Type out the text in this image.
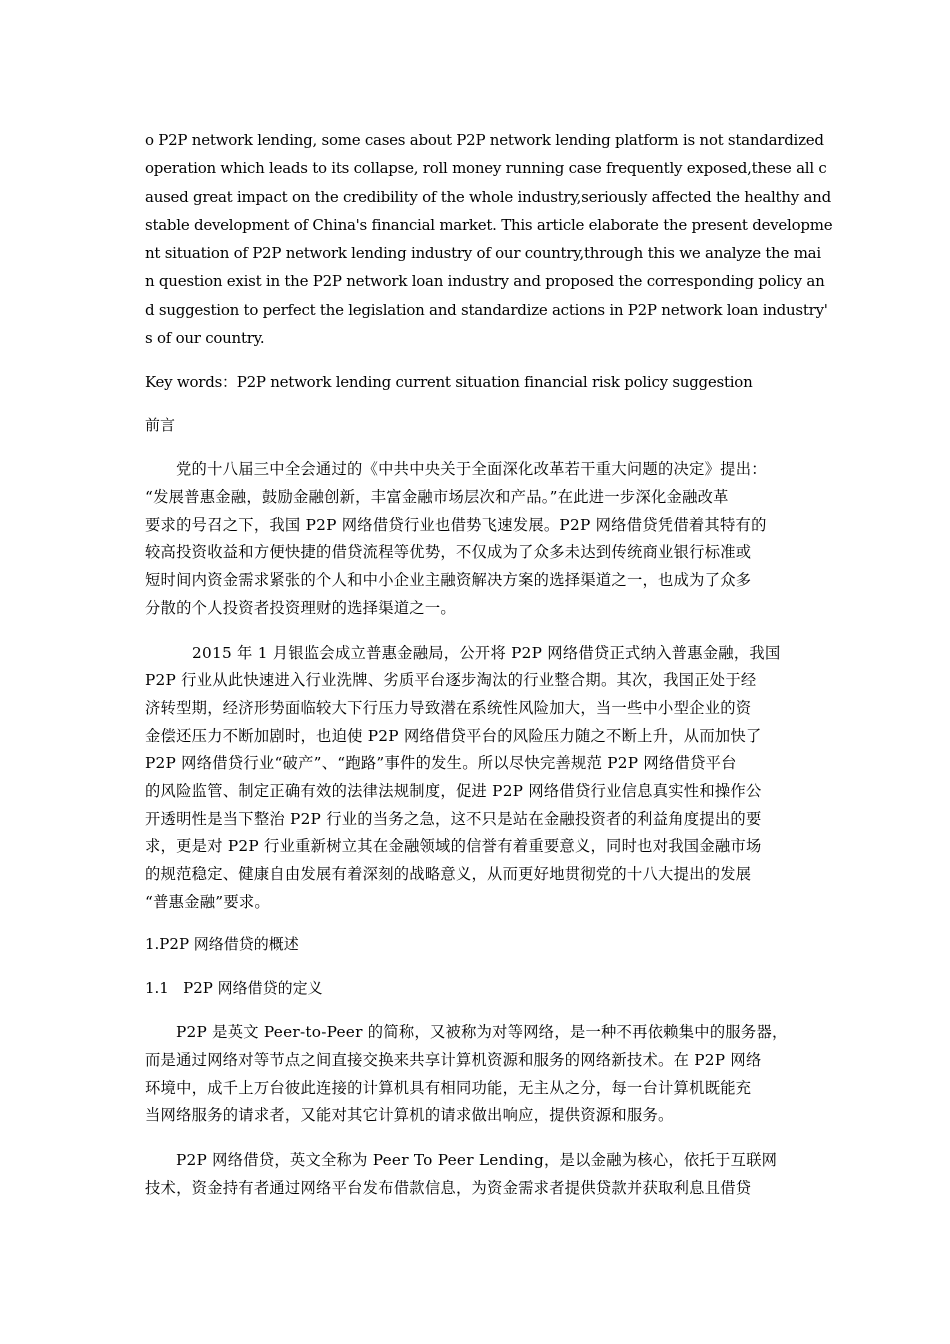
o P2P network lending, some cases about P2P network lending platform is not standardized
operation which leads to its collapse, roll money running case frequently exposed,these all c
aused great impact on the credibility of the whole industry,seriously affected the healthy and
stable development of China's financial market. This article elaborate the present developme
nt situation of P2P network lending industry of our country,through this we analyze the mai
n question exist in the P2P network loan industry and proposed the corresponding policy an
d suggestion to perfect the legislation and standardize actions in P2P network loan industry'
s of our country.
Key words：P2P network lending current situation financial risk policy suggestion
前言
党的十八届三中全会通过的《中共中央关于全面深化改革若干重大问题的决定》提出：
“发展普惠金融，鼓励金融创新，丰富金融市场层次和产品。”在此进一步深化金融改革
要求的号召之下，我国 P2P 网络借贷行业也借势飞速发展。P2P 网络借贷凭借着其特有的
较高投资收益和方便快捷的借贷流程等优势，不仅成为了众多未达到传统商业银行标准或
短时间内资金需求紧张的个人和中小企业主融资解决方案的选择渠道之一，也成为了众多
分散的个人投资者投资理财的选择渠道之一。
2015 年 1 月银监会成立普惠金融局，公开将 P2P 网络借贷正式纳入普惠金融，我国
P2P 行业从此快速进入行业洗牌、劣质平台逐步淘汰的行业整合期。其次，我国正处于经
济转型期，经济形势面临较大下行压力导致潜在系统性风险加大，当一些中小型企业的资
金偿还压力不断加剧时，也迫使 P2P 网络借贷平台的风险压力随之不断上升，从而加快了
P2P 网络借贷行业“破产”、“跑路”事件的发生。所以尽快完善规范 P2P 网络借贷平台
的风险监管、制定正确有效的法律法规制度，促进 P2P 网络借贷行业信息真实性和操作公
开透明性是当下整治 P2P 行业的当务之急，这不只是站在金融投资者的利益角度提出的要
求，更是对 P2P 行业重新树立其在金融领域的信誉有着重要意义，同时也对我国金融市场
的规范稳定、健康自由发展有着深刻的战略意义，从而更好地贯彻党的十八大提出的发展
“普惠金融”要求。
1.P2P 网络借贷的概述
1.1   P2P 网络借贷的定义
P2P 是英文 Peer-to-Peer 的简称，又被称为对等网络，是一种不再依赖集中的服务器，
而是通过网络对等节点之间直接交换来共享计算机资源和服务的网络新技术。在 P2P 网络
环境中，成千上万台彼此连接的计算机具有相同功能，无主从之分，每一台计算机既能充
当网络服务的请求者，又能对其它计算机的请求做出响应，提供资源和服务。
P2P 网络借贷，英文全称为 Peer To Peer Lending，是以金融为核心，依托于互联网
技术，资金持有者通过网络平台发布借款信息，为资金需求者提供贷款并获取利息且借贷
